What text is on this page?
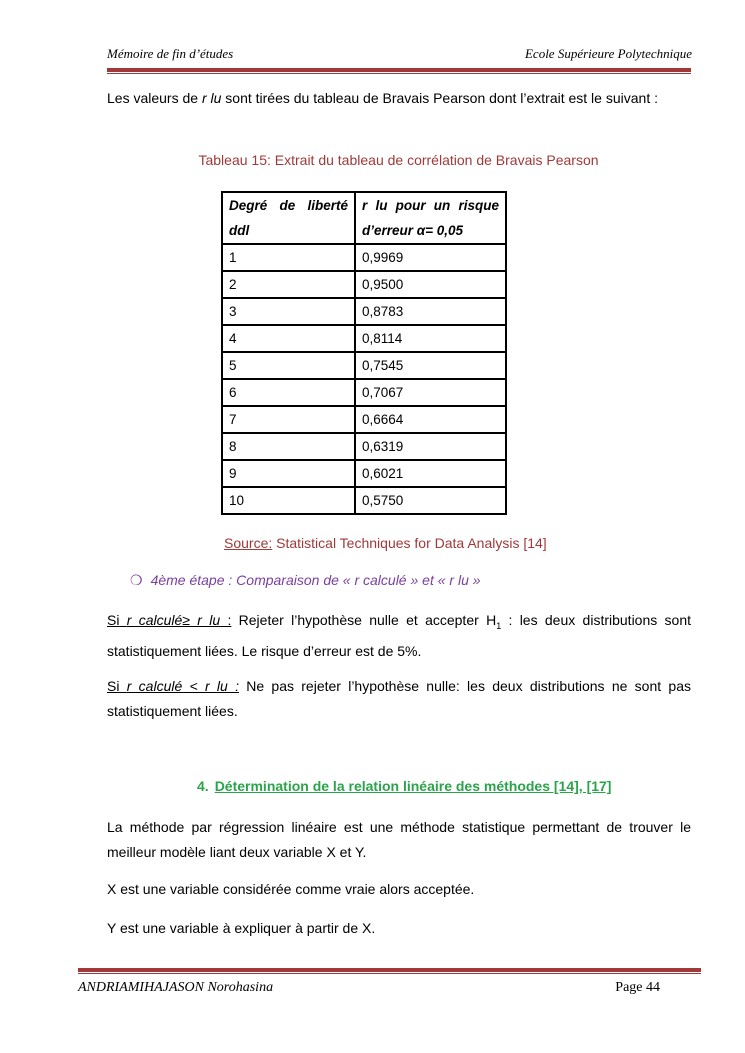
Mémoire de fin d’études	Ecole Supérieure Polytechnique
Les valeurs de r lu sont tirées du tableau de Bravais Pearson dont l’extrait est le suivant :
Tableau 15: Extrait du tableau de corrélation de Bravais Pearson
Degré de liberté ddl	r lu pour un risque d’erreur α= 0,05
1	0,9969
2	0,9500
3	0,8783
4	0,8114
5	0,7545
6	0,7067
7	0,6664
8	0,6319
9	0,6021
10	0,5750
Source: Statistical Techniques for Data Analysis [14]
❍ 4ème étape : Comparaison de « r calculé » et « r lu »
Si r calculé≥ r lu : Rejeter l’hypothèse nulle et accepter $H_1$ : les deux distributions sont statistiquement liées. Le risque d’erreur est de 5%.
Si r calculé < r lu : Ne pas rejeter l’hypothèse nulle: les deux distributions ne sont pas statistiquement liées.
4. Détermination de la relation linéaire des méthodes [14], [17]
La méthode par régression linéaire est une méthode statistique permettant de trouver le meilleur modèle liant deux variable X et Y.
X est une variable considérée comme vraie alors acceptée.
Y est une variable à expliquer à partir de X.
ANDRIAMIHAJASON Norohasina	Page 44
